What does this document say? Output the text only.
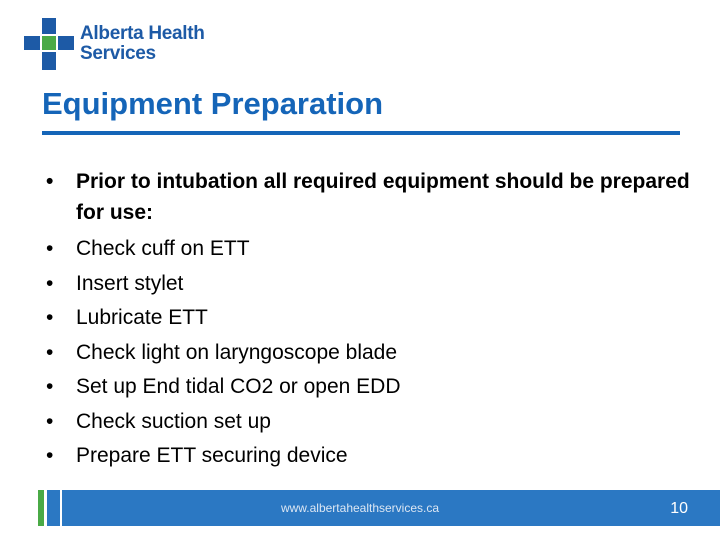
Alberta Health
Services
Equipment Preparation
• Prior to intubation all required equipment should be prepared for use:
• Check cuff on ETT
• Insert stylet
• Lubricate ETT
• Check light on laryngoscope blade
• Set up End tidal CO2 or open EDD
• Check suction set up
• Prepare ETT securing device
www.albertahealthservices.ca	10
